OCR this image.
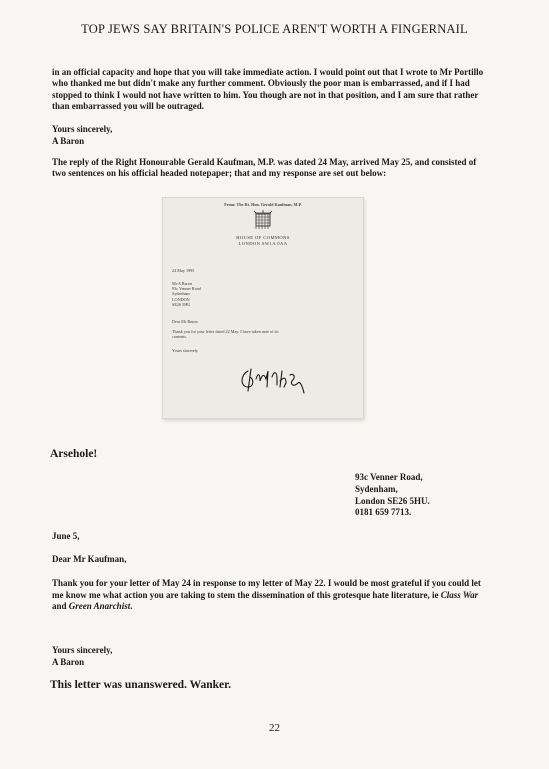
TOP JEWS SAY BRITAIN'S POLICE AREN'T WORTH A FINGERNAIL

in an official capacity and hope that you will take immediate action. I would point out that I wrote to Mr Portillo

who thanked me but didn't make any further comment. Obviously the poor man is embarrassed, and if I had

stopped to think I would not have written to him. You though are not in that position, and I am sure that rather

than embarrassed you will be outraged.

Yours sincerely,
A Baron

The reply of the Right Honourable Gerald Kaufman, M.P. was dated 24 May, arrived May 25, and consisted of

two sentences on his official headed notepaper; that and my response are set out below:

From: The Rt. Hon. Gerald Kaufman, M.P.
HOUSE OF COMMONS
LONDON SW1A 0AA
24 May 1995
Mr A Baron
93c Venner Road
Sydenham
LONDON
SE26 5HU
Dear Mr Baron
Thank you for your letter dated 22 May. I have taken note of its
contents.
Yours sincerely
Arsehole!
93c Venner Road,
Sydenham,
London SE26 5HU.
0181 659 7713.
June 5,
Dear Mr Kaufman,
Thank you for your letter of May 24 in response to my letter of May 22. I would be most grateful if you could let
me know me what action you are taking to stem the dissemination of this grotesque hate literature, ie Class War
and Green Anarchist.
Yours sincerely,
A Baron
This letter was unanswered. Wanker.
22
